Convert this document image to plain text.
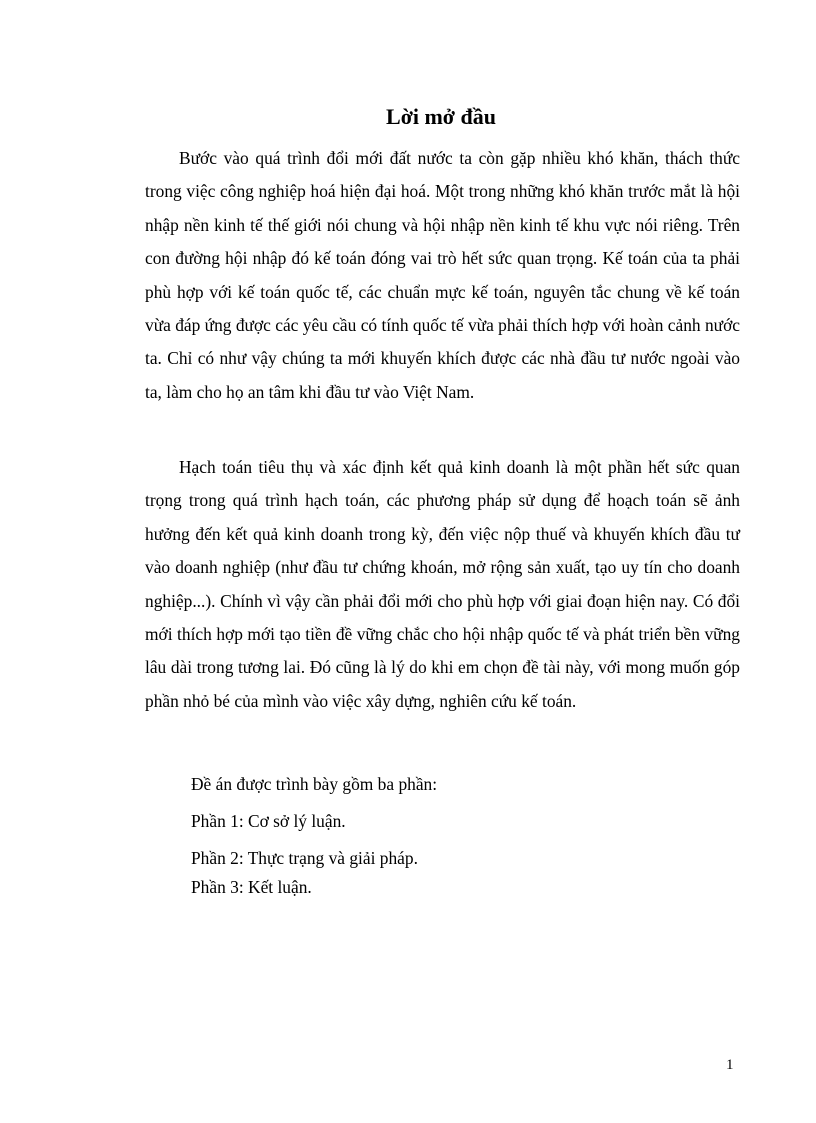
Lời mở đầu

Bước vào quá trình đổi mới đất nước ta còn gặp nhiều khó khăn, thách thức trong việc công nghiệp hoá hiện đại hoá. Một trong những khó khăn trước mắt là hội nhập nền kinh tế thế giới nói chung và hội nhập nền kinh tế khu vực nói riêng. Trên con đường hội nhập đó kế toán đóng vai trò hết sức quan trọng. Kế toán của ta phải phù hợp với kế toán quốc tế, các chuẩn mực kế toán, nguyên tắc chung về kế toán vừa đáp ứng được các yêu cầu có tính quốc tế vừa phải thích hợp với hoàn cảnh nước ta. Chỉ có như vậy chúng ta mới khuyến khích được các nhà đầu tư nước ngoài vào ta, làm cho họ an tâm khi đầu tư vào Việt Nam.

Hạch toán tiêu thụ và xác định kết quả kinh doanh là một phần hết sức quan trọng trong quá trình hạch toán, các phương pháp sử dụng để hoạch toán sẽ ảnh hưởng đến kết quả kinh doanh trong kỳ, đến việc nộp thuế và khuyến khích đầu tư vào doanh nghiệp (như đầu tư chứng khoán, mở rộng sản xuất, tạo uy tín cho doanh nghiệp...). Chính vì vậy cần phải đổi mới cho phù hợp với giai đoạn hiện nay. Có đổi mới thích hợp mới tạo tiền đề vững chắc cho hội nhập quốc tế và phát triển bền vững lâu dài trong tương lai. Đó cũng là lý do khi em chọn đề tài này, với mong muốn góp phần nhỏ bé của mình vào việc xây dựng, nghiên cứu kế toán.

Đề án được trình bày gồm ba phần:
Phần 1: Cơ sở lý luận.
Phần 2: Thực trạng và giải pháp.
Phần 3: Kết luận.
1
